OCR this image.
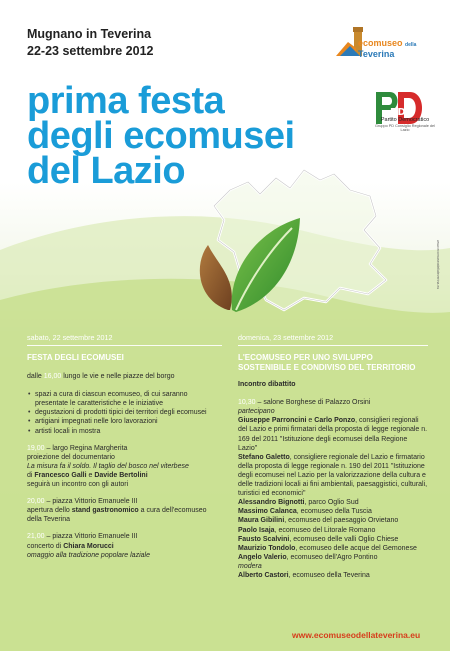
Mugnano in Teverina
22-23 settembre 2012
ecomuseo della
Teverina
PD
Partito Democratico
Gruppo PD Consiglio Regionale del Lazio
www.ecomuseodellateverina.eu
prima festa
degli ecomusei
del Lazio
sabato, 22 settembre 2012
FESTA DEGLI ECOMUSEI
dalle 16,00 lungo le vie e nelle piazze del borgo
• spazi a cura di ciascun ecomuseo, di cui saranno presentate le caratteristiche e le iniziative
• degustazioni di prodotti tipici dei territori degli ecomusei
• artigiani impegnati nelle loro lavorazioni
• artisti locali in mostra
19,00 – largo Regina Margherita
proiezione del documentario
La misura fa il soldo. Il taglio del bosco nel viterbese
di Francesco Galli e Davide Bertolini
seguirà un incontro con gli autori
20,00 – piazza Vittorio Emanuele III
apertura dello stand gastronomico a cura dell'ecomuseo della Teverina
21,00 – piazza Vittorio Emanuele III
concerto di Chiara Morucci
omaggio alla tradizione popolare laziale
domenica, 23 settembre 2012
L'ECOMUSEO PER UNO SVILUPPO SOSTENIBILE E CONDIVISO DEL TERRITORIO
Incontro dibattito
10,30 – salone Borghese di Palazzo Orsini
partecipano
Giuseppe Parroncini e Carlo Ponzo, consiglieri regionali del Lazio e primi firmatari della proposta di legge regionale n. 169 del 2011 "Istituzione degli ecomusei della Regione Lazio"
Stefano Galetto, consigliere regionale del Lazio e firmatario della proposta di legge regionale n. 190 del 2011 "Istituzione degli ecomusei nel Lazio per la valorizzazione della cultura e delle tradizioni locali ai fini ambientali, paesaggistici, culturali, turistici ed economici"
Alessandro Bignotti, parco Oglio Sud
Massimo Calanca, ecomuseo della Tuscia
Maura Gibilini, ecomuseo del paesaggio Orvietano
Paolo Isaja, ecomuseo del Litorale Romano
Fausto Scalvini, ecomuseo delle valli Oglio Chiese
Maurizio Tondolo, ecomuseo delle acque del Gemonese
Angelo Valerio, ecomuseo dell'Agro Pontino
modera
Alberto Castori, ecomuseo della Teverina
www.ecomuseodellateverina.eu
